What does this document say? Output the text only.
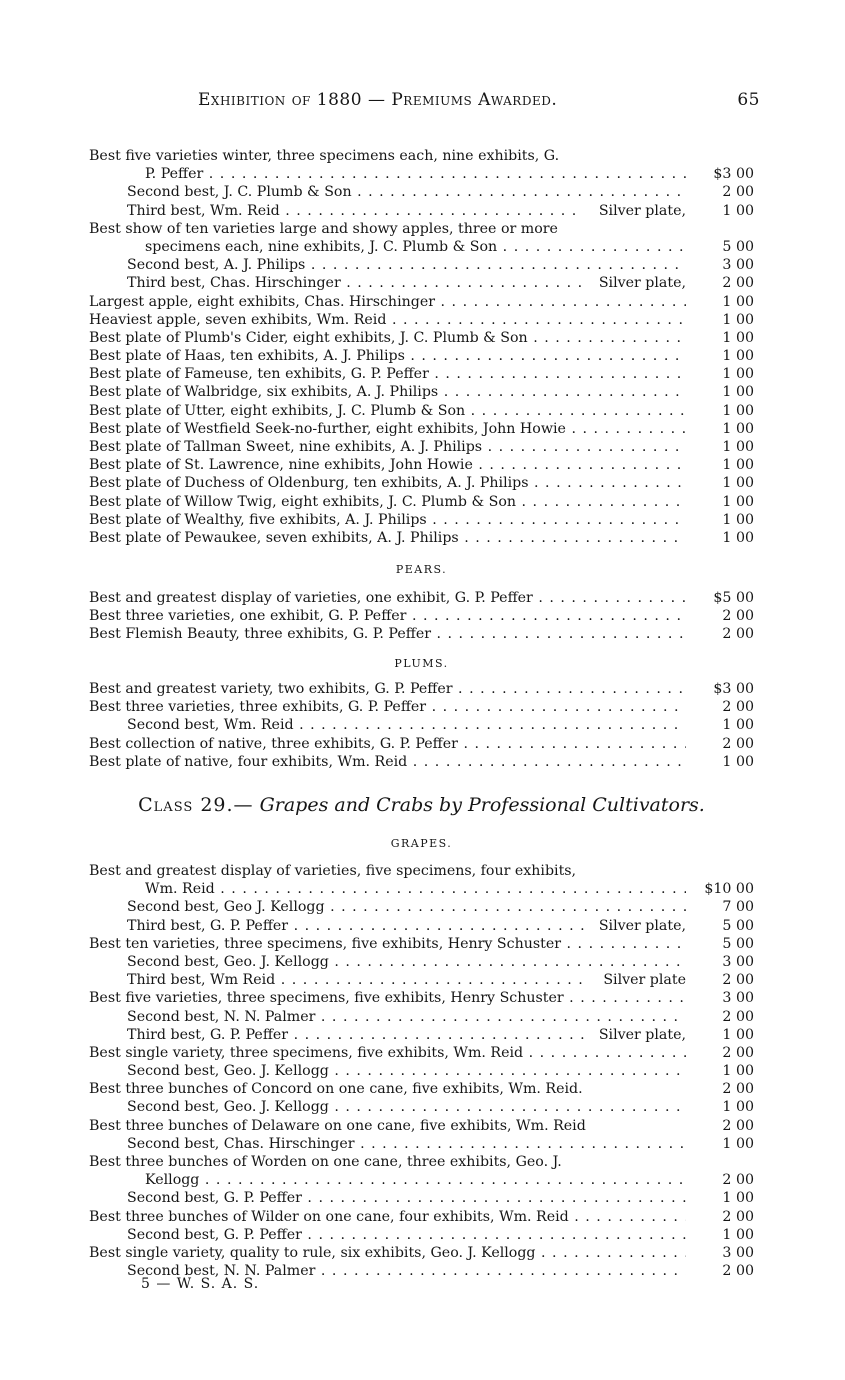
Exhibition of 1880 — Premiums Awarded.	65
Best five varieties winter, three specimens each, nine exhibits, G.
P. Peffer . . .	$3 00
Second best, J. C. Plumb & Son . . .	2 00
Third best, Wm. Reid . . .	Silver plate,	1 00
Best show of ten varieties large and showy apples, three or more
specimens each, nine exhibits, J. C. Plumb & Son . . .	5 00
Second best, A. J. Philips . . .	3 00
Third best, Chas. Hirschinger . . .	Silver plate,	2 00
Largest apple, eight exhibits, Chas. Hirschinger . . .	1 00
Heaviest apple, seven exhibits, Wm. Reid . . .	1 00
Best plate of Plumb's Cider, eight exhibits, J. C. Plumb & Son . . .	1 00
Best plate of Haas, ten exhibits, A. J. Philips . . .	1 00
Best plate of Fameuse, ten exhibits, G. P. Peffer . . .	1 00
Best plate of Walbridge, six exhibits, A. J. Philips . . .	1 00
Best plate of Utter, eight exhibits, J. C. Plumb & Son . . .	1 00
Best plate of Westfield Seek-no-further, eight exhibits, John Howie . . .	1 00
Best plate of Tallman Sweet, nine exhibits, A. J. Philips . . .	1 00
Best plate of St. Lawrence, nine exhibits, John Howie . . .	1 00
Best plate of Duchess of Oldenburg, ten exhibits, A. J. Philips . . .	1 00
Best plate of Willow Twig, eight exhibits, J. C. Plumb & Son . . .	1 00
Best plate of Wealthy, five exhibits, A. J. Philips . . .	1 00
Best plate of Pewaukee, seven exhibits, A. J. Philips . . .	1 00
PEARS.
Best and greatest display of varieties, one exhibit, G. P. Peffer . . .	$5 00
Best three varieties, one exhibit, G. P. Peffer . . .	2 00
Best Flemish Beauty, three exhibits, G. P. Peffer . . .	2 00
PLUMS.
Best and greatest variety, two exhibits, G. P. Peffer . . .	$3 00
Best three varieties, three exhibits, G. P. Peffer . . .	2 00
Second best, Wm. Reid . . .	1 00
Best collection of native, three exhibits, G. P. Peffer . . .	2 00
Best plate of native, four exhibits, Wm. Reid . . .	1 00
Class 29.— Grapes and Crabs by Professional Cultivators.
GRAPES.
Best and greatest display of varieties, five specimens, four exhibits,
Wm. Reid . . .	$10 00
Second best, Geo J. Kellogg . . .	7 00
Third best, G. P. Peffer . . .	Silver plate,	5 00
Best ten varieties, three specimens, five exhibits, Henry Schuster . . .	5 00
Second best, Geo. J. Kellogg . . .	3 00
Third best, Wm Reid . . .	Silver plate	2 00
Best five varieties, three specimens, five exhibits, Henry Schuster . . .	3 00
Second best, N. N. Palmer . . .	2 00
Third best, G. P. Peffer . . .	Silver plate,	1 00
Best single variety, three specimens, five exhibits, Wm. Reid . . .	2 00
Second best, Geo. J. Kellogg . . .	1 00
Best three bunches of Concord on one cane, five exhibits, Wm. Reid.	2 00
Second best, Geo. J. Kellogg . . .	1 00
Best three bunches of Delaware on one cane, five exhibits, Wm. Reid	2 00
Second best, Chas. Hirschinger . . .	1 00
Best three bunches of Worden on one cane, three exhibits, Geo. J.
Kellogg . . .	2 00
Second best, G. P. Peffer . . .	1 00
Best three bunches of Wilder on one cane, four exhibits, Wm. Reid . . .	2 00
Second best, G. P. Peffer . . .	1 00
Best single variety, quality to rule, six exhibits, Geo. J. Kellogg . . .	3 00
Second best, N. N. Palmer . . .	2 00
5 — W. S. A. S.
